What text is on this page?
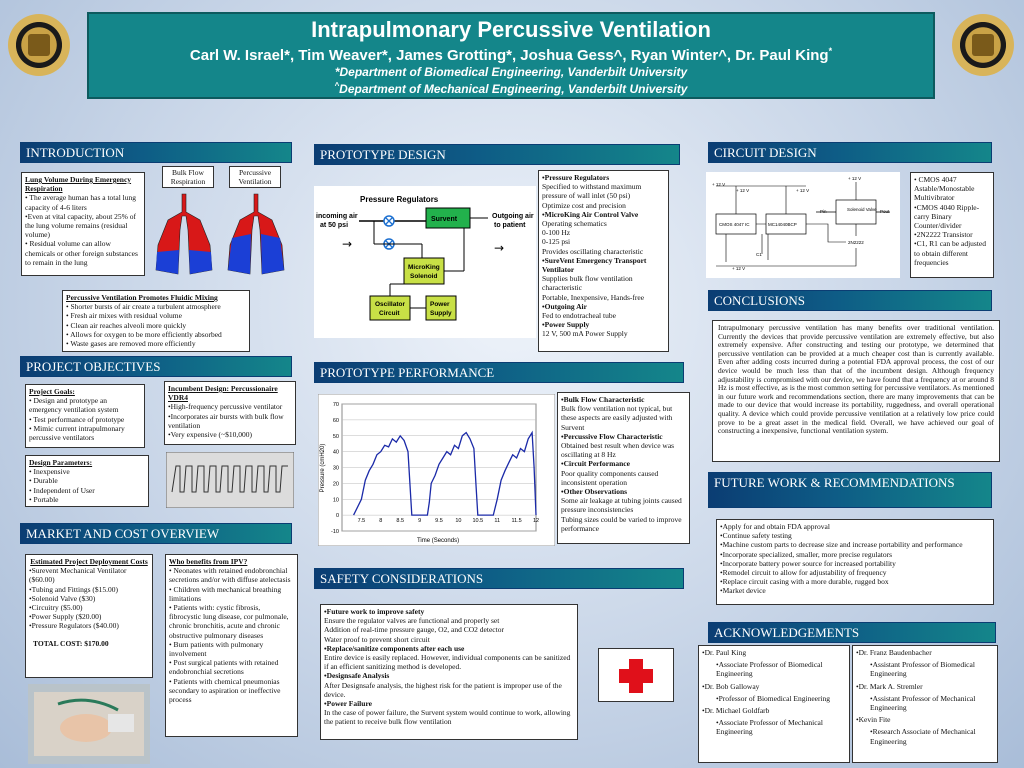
Intrapulmonary Percussive Ventilation
Carl W. Israel*, Tim Weaver*, James Grotting*, Joshua Gess^, Ryan Winter^, Dr. Paul King*
*Department of Biomedical Engineering, Vanderbilt University
^Department of Mechanical Engineering, Vanderbilt University
INTRODUCTION
Lung Volume During Emergency Respiration
• The average human has a total lung capacity of 4-6 liters
•Even at vital capacity, about 25% of the lung volume remains (residual volume)
• Residual volume can allow chemicals or other foreign substances to remain in the lung
Bulk Flow Respiration
Percussive Ventilation
Percussive Ventilation Promotes Fluidic Mixing
• Shorter bursts of air create a turbulent atmosphere
• Fresh air mixes with residual volume
• Clean air reaches alveoli more quickly
• Allows for oxygen to be more efficiently absorbed
• Waste gases are removed more efficiently
PROJECT OBJECTIVES
Project Goals:
• Design and prototype an emergency ventilation system
• Test performance of prototype
• Mimic current intrapulmonary percussive ventilators
Incumbent Design: Percussionaire VDR4
•High-frequency percussive ventilator
•Incorporates air bursts with bulk flow ventilation
•Very expensive (~$10,000)
Design Parameters:
• Inexpensive
• Durable
• Independent of User
• Portable
MARKET AND COST OVERVIEW
Estimated Project Deployment Costs
•Surevent Mechanical Ventilator ($60.00)
•Tubing and Fittings ($15.00)
•Solenoid Valve ($30)
•Circuitry ($5.00)
•Power Supply ($20.00)
•Pressure Regulators ($40.00)
TOTAL COST: $170.00
Who benefits from IPV?
• Neonates with retained endobronchial secretions and/or with diffuse atelectasis
• Children with mechanical breathing limitations
• Patients with: cystic fibrosis, fibrocystic lung disease, cor pulmonale, chronic bronchitis, acute and chronic obstructive pulmonary diseases
• Burn patients with pulmonary involvement
• Post surgical patients with retained endobronchial secretions
• Patients with chemical pneumonias secondary to aspiration or ineffective process
PROTOTYPE DESIGN
Pressure Regulators
incoming air
at 50 psi
Survent	Outgoing air
to patient
→
MicroKing
Solenoid
Oscillator
Circuit
Power
Supply
→
•Pressure Regulators
Specified to withstand maximum pressure of wall inlet (50 psi)
Optimize cost and precision
•MicroKing Air Control Valve
Operating schematics
0-100 Hz
0-125 psi
Provides oscillating characteristic
•SureVent Emergency Transport Ventilator
Supplies bulk flow ventilation characteristic
Portable, Inexpensive, Hands-free
•Outgoing Air
Fed to endotracheal tube
•Power Supply
12 V, 500 mA Power Supply
PROTOTYPE PERFORMANCE
-10
0
10
20
30
40
50
60
70
7.5	8	8.5	9	9.5 10 10.5 11 11.5 12
Time (Seconds)
Pressure (cmH20)
•Bulk Flow Characteristic
Bulk flow ventilation not typical, but these aspects are easily adjusted with Survent
•Percussive Flow Characteristic
Obtained best result when device was oscillating at 8 Hz
•Circuit Performance
Poor quality components caused inconsistent operation
•Other Observations
Some air leakage at tubing joints caused pressure inconsistencies
Tubing sizes could be varied to improve performance
SAFETY CONSIDERATIONS
•Future work to improve safety
Ensure the regulator valves are functional and properly set
Addition of real-time pressure gauge, O2, and CO2 detector
Water proof to prevent short circuit
•Replace/sanitize components after each use
Entire device is easily replaced. However, individual components can be sanitized if an efficient sanitizing method is developed.
•Designsafe Analysis
After Designsafe analysis, the highest risk for the patient is improper use of the device.
•Power Failure
In the case of power failure, the Survent system would continue to work, allowing the patient to receive bulk flow ventilation
CIRCUIT DESIGN
CMOS 4047 IC	MC14040BCP
Solenoid Valve
Pin	Pout
+ 12 V	+ 12 V
+ 12 V
+ 12 V
+ 12 V
2N2222
C1
• CMOS 4047 Astable/Monostable Multivibrator
•CMOS 4040 Ripple-carry Binary Counter/divider
•2N2222 Transistor
•C1, R1 can be adjusted to obtain different frequencies
CONCLUSIONS
Intrapulmonary percussive ventilation has many benefits over traditional ventilation. Currently the devices that provide percussive ventilation are extremely effective, but also extremely expensive. After constructing and testing our prototype, we determined that percussive ventilation can be provided at a much cheaper cost than is currently available. Even after adding costs incurred during a potential FDA approval process, the cost of our device would be much less than that of the incumbent design. Although frequency adjustability is compromised with our device, we have found that a frequency at or around 8 Hz is most effective, as is the most common setting for percussive ventilators. As mentioned in our future work and recommendations section, there are many improvements that can be made to our device that would increase its portability, ruggedness, and overall operational quality. A device which could provide percussive ventilation at a relatively low price could prove to be a great asset in the medical field. Overall, we have achieved our goal of constructing a inexpensive, functional ventilation system.
FUTURE WORK & RECOMMENDATIONS
•Apply for and obtain FDA approval
•Continue safety testing
•Machine custom parts to decrease size and increase portability and performance
•Incorporate specialized, smaller, more precise regulators
•Incorporate battery power source for increased portability
•Remodel circuit to allow for adjustability of frequency
•Replace circuit casing with a more durable, rugged box
•Market device
ACKNOWLEDGEMENTS
•Dr. Paul King
•Associate Professor of Biomedical Engineering
•Dr. Bob Galloway
•Professor of Biomedical Engineering
•Dr. Michael Goldfarb
•Associate Professor of Mechanical Engineering
•Dr. Franz Baudenbacher
•Assistant Professor of Biomedical Engineering
•Dr. Mark A. Stremler
•Assistant Professor of Mechanical Engineering
•Kevin Fite
•Research Associate of Mechanical Engineering
